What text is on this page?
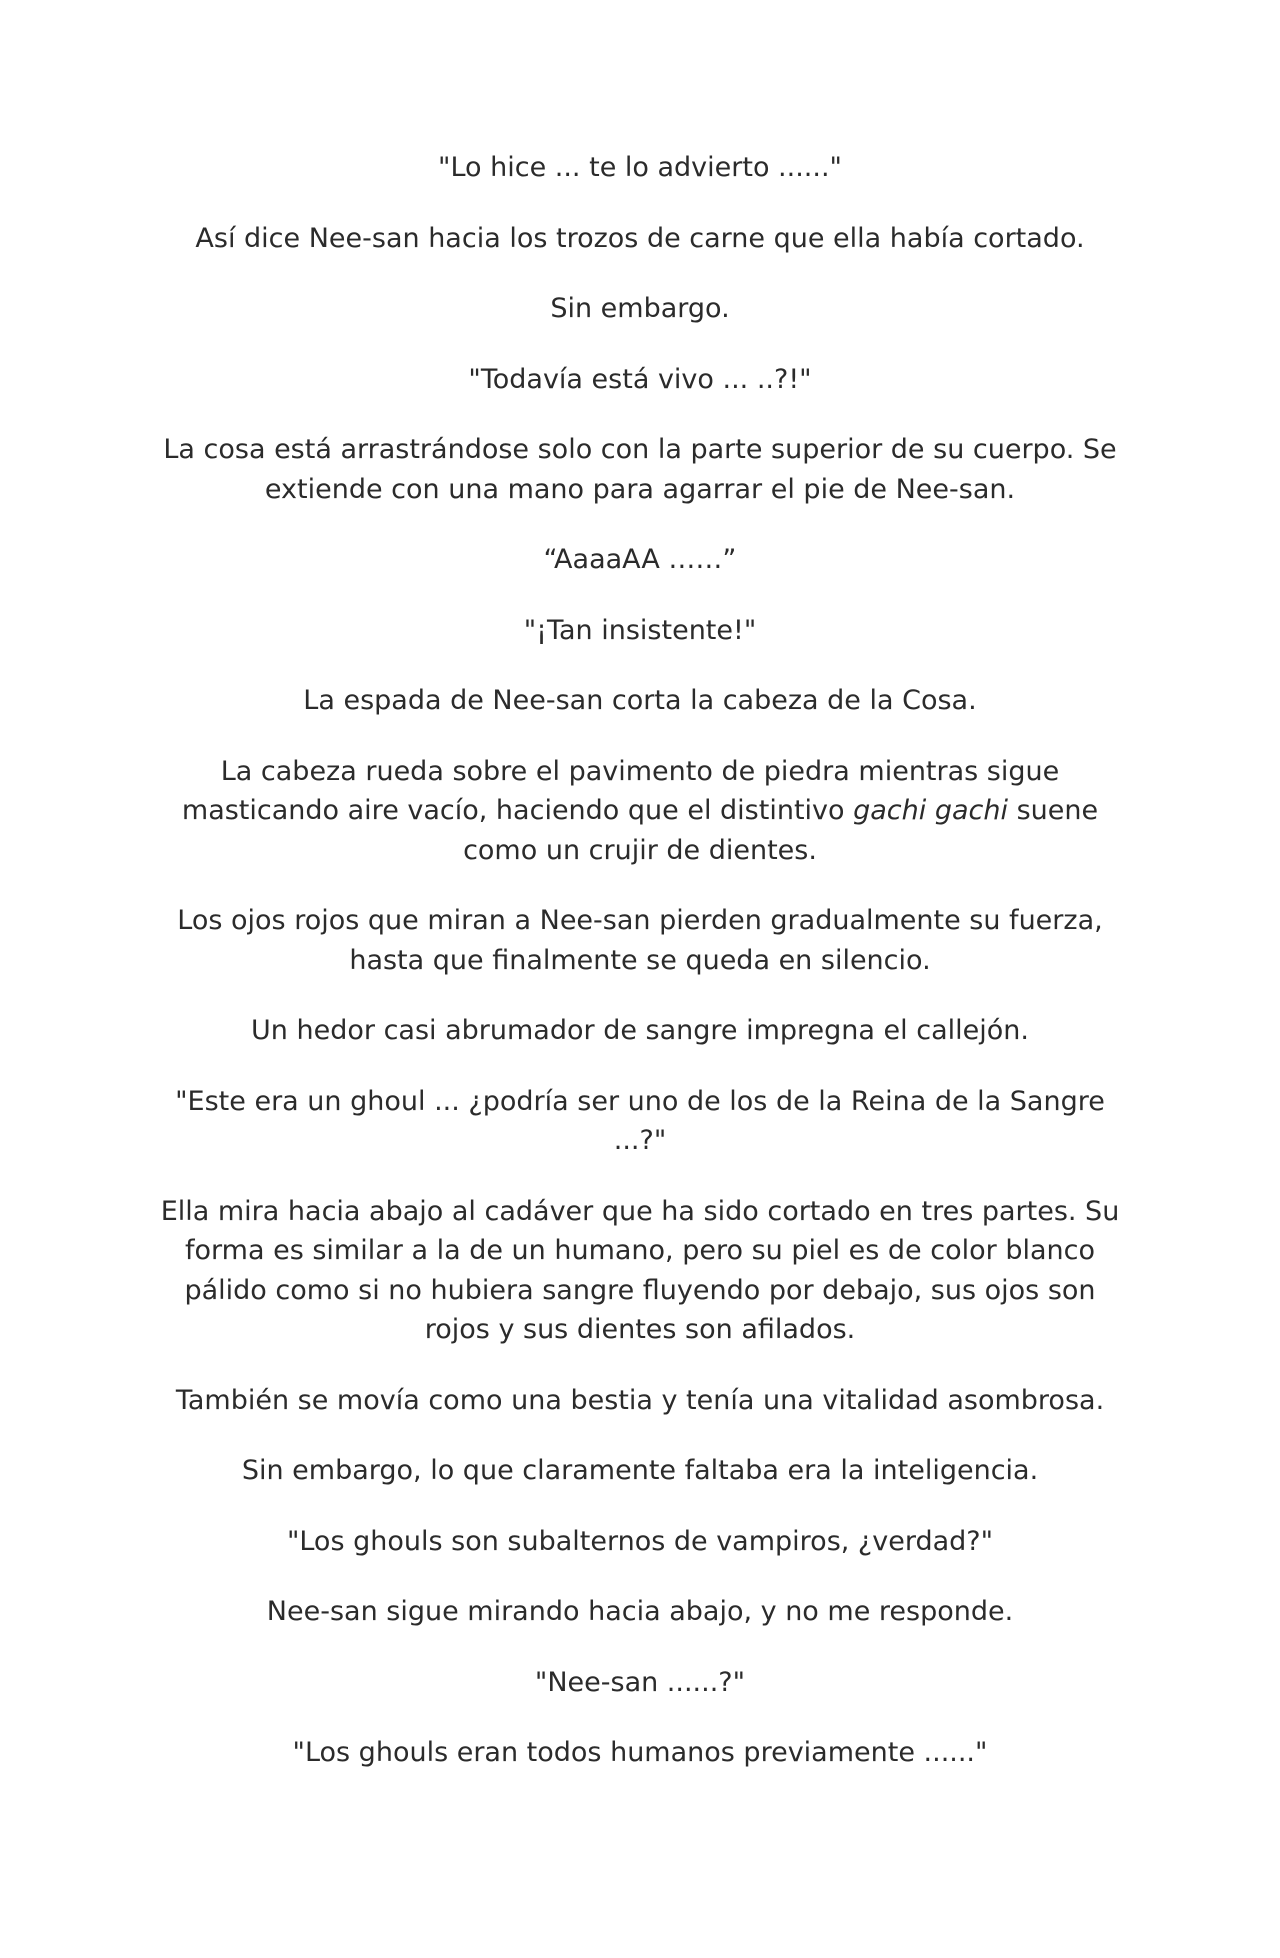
"Lo hice ... te lo advierto ......"

Así dice Nee-san hacia los trozos de carne que ella había cortado.

Sin embargo.

"Todavía está vivo ... ..?!"

La cosa está arrastrándose solo con la parte superior de su cuerpo. Se extiende con una mano para agarrar el pie de Nee-san.

“AaaaAA ……”

"¡Tan insistente!"

La espada de Nee-san corta la cabeza de la Cosa.

La cabeza rueda sobre el pavimento de piedra mientras sigue masticando aire vacío, haciendo que el distintivo gachi gachi suene como un crujir de dientes.

Los ojos rojos que miran a Nee-san pierden gradualmente su fuerza, hasta que finalmente se queda en silencio.

Un hedor casi abrumador de sangre impregna el callejón.

"Este era un ghoul ... ¿podría ser uno de los de la Reina de la Sangre ...?"

Ella mira hacia abajo al cadáver que ha sido cortado en tres partes. Su forma es similar a la de un humano, pero su piel es de color blanco pálido como si no hubiera sangre fluyendo por debajo, sus ojos son rojos y sus dientes son afilados.

También se movía como una bestia y tenía una vitalidad asombrosa.

Sin embargo, lo que claramente faltaba era la inteligencia.

"Los ghouls son subalternos de vampiros, ¿verdad?"

Nee-san sigue mirando hacia abajo, y no me responde.

"Nee-san ......?"

"Los ghouls eran todos humanos previamente ......"
